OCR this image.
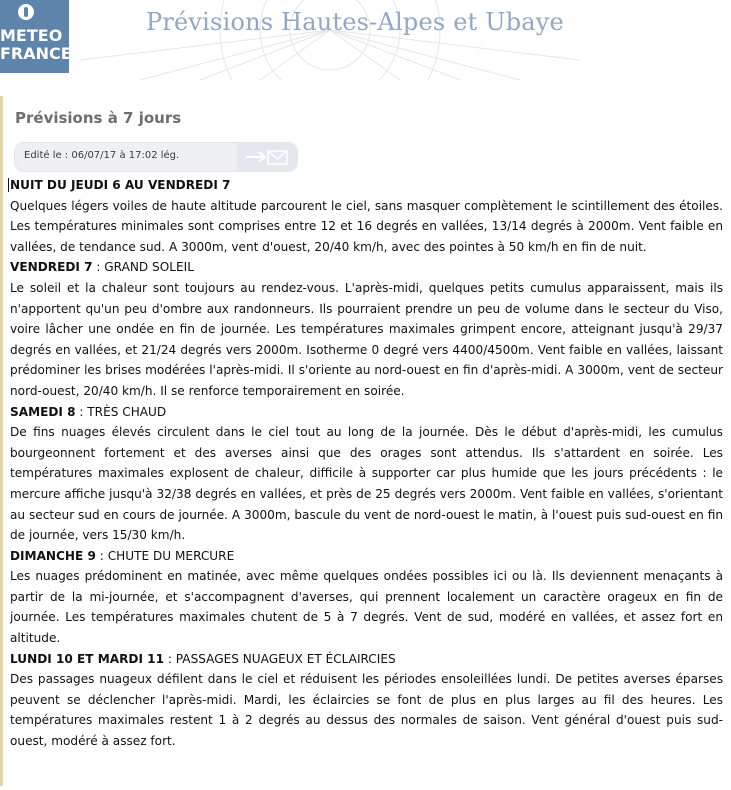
METEO
FRANCE
Prévisions Hautes-Alpes et Ubaye
Prévisions à 7 jours
Edité le : 06/07/17 à 17:02 lég.

NUIT DU JEUDI 6 AU VENDREDI 7

Quelques légers voiles de haute altitude parcourent le ciel, sans masquer complètement le scintillement des étoiles. Les températures minimales sont comprises entre 12 et 16 degrés en vallées, 13/14 degrés à 2000m. Vent faible en vallées, de tendance sud. A 3000m, vent d'ouest, 20/40 km/h, avec des pointes à 50 km/h en fin de nuit.

VENDREDI 7 : GRAND SOLEIL

Le soleil et la chaleur sont toujours au rendez-vous. L'après-midi, quelques petits cumulus apparaissent, mais ils n'apportent qu'un peu d'ombre aux randonneurs. Ils pourraient prendre un peu de volume dans le secteur du Viso, voire lâcher une ondée en fin de journée. Les températures maximales grimpent encore, atteignant jusqu'à 29/37 degrés en vallées, et 21/24 degrés vers 2000m. Isotherme 0 degré vers 4400/4500m. Vent faible en vallées, laissant prédominer les brises modérées l'après-midi. Il s'oriente au nord-ouest en fin d'après-midi. A 3000m, vent de secteur nord-ouest, 20/40 km/h. Il se renforce temporairement en soirée.

SAMEDI 8 : TRÈS CHAUD

De fins nuages élevés circulent dans le ciel tout au long de la journée. Dès le début d'après-midi, les cumulus bourgeonnent fortement et des averses ainsi que des orages sont attendus. Ils s'attardent en soirée. Les températures maximales explosent de chaleur, difficile à supporter car plus humide que les jours précédents : le mercure affiche jusqu'à 32/38 degrés en vallées, et près de 25 degrés vers 2000m. Vent faible en vallées, s'orientant au secteur sud en cours de journée. A 3000m, bascule du vent de nord-ouest le matin, à l'ouest puis sud-ouest en fin de journée, vers 15/30 km/h.

DIMANCHE 9 : CHUTE DU MERCURE

Les nuages prédominent en matinée, avec même quelques ondées possibles ici ou là. Ils deviennent menaçants à partir de la mi-journée, et s'accompagnent d'averses, qui prennent localement un caractère orageux en fin de journée. Les températures maximales chutent de 5 à 7 degrés. Vent de sud, modéré en vallées, et assez fort en altitude.

LUNDI 10 ET MARDI 11 : PASSAGES NUAGEUX ET ÉCLAIRCIES

Des passages nuageux défilent dans le ciel et réduisent les périodes ensoleillées lundi. De petites averses éparses peuvent se déclencher l'après-midi. Mardi, les éclaircies se font de plus en plus larges au fil des heures. Les températures maximales restent 1 à 2 degrés au dessus des normales de saison. Vent général d'ouest puis sud-ouest, modéré à assez fort.
